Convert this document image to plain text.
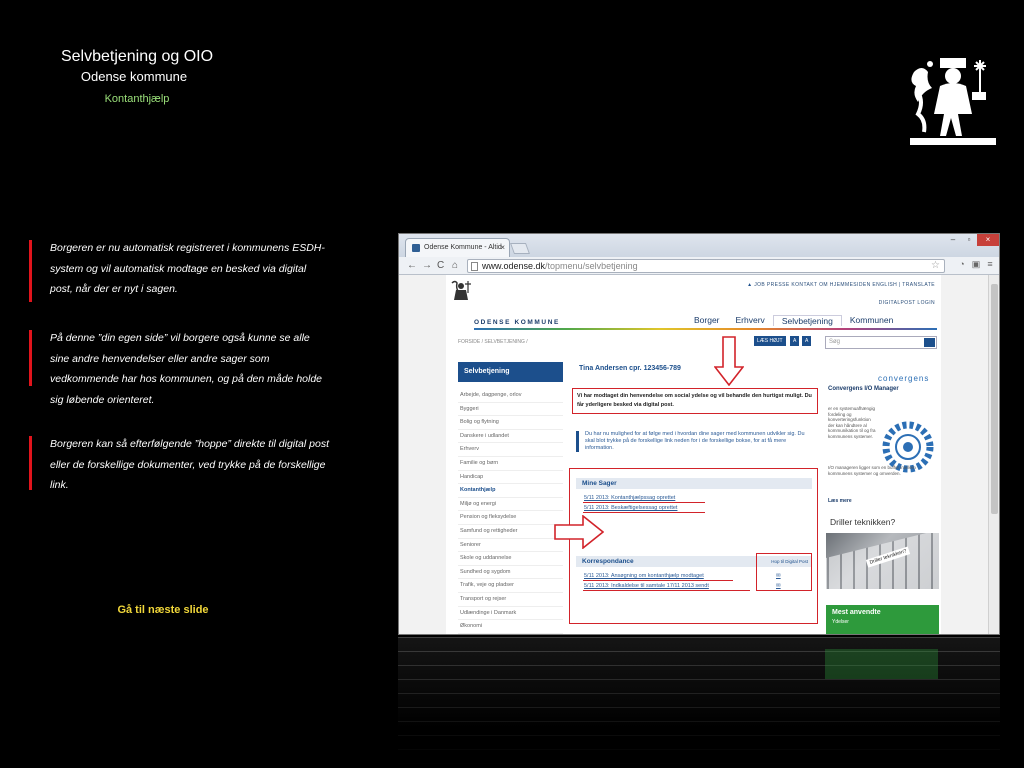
Selvbetjening og OIO
Odense kommune
Kontanthjælp

Borgeren er nu automatisk registreret i kommunens ESDH-system og vil automatisk modtage en besked via digital post, når der er nyt i sagen.

På denne ”din egen side” vil borgere også kunne se alle sine andre henvendelser eller andre sager som vedkommende har hos kommunen, og på den måde holde sig løbende orienteret.

Borgeren kan så efterfølgende ”hoppe” direkte til digital post eller de forskellige dokumenter, ved trykke på de forskellige link.

Gå til næste slide
Odense Kommune - Altid
×
–	▫	×
← → C ⌂	www.odense.dk/topmenu/selvbetjening	☆ ◔ ▣ ≡
▲ JOB PRESSE KONTAKT OM HJEMMESIDEN ENGLISH | TRANSLATE
DIGITALPOST LOGIN
ODENSE KOMMUNE	Borger	Erhverv	Selvbetjening	Kommunen
FORSIDE / SELVBETJENING /	LÆS HØJT	A	A	Søg
Selvbetjening
Arbejde, dagpenge, orlov
Byggeri
Bolig og flytning
Danskere i udlandet
Erhverv
Familie og børn
Handicap
Kontanthjælp
Miljø og energi
Pension og fleksydelse
Samfund og rettigheder
Seniorer
Skole og uddannelse
Sundhed og sygdom
Trafik, veje og pladser
Transport og rejser
Udlændinge i Danmark
Økonomi
Tina Andersen cpr. 123456-789
Vi har modtaget din henvendelse om social ydelse og vil behandle den hurtigst muligt. Du får yderligere besked via digital post.
Du har nu mulighed for at følge med i hvordan dine sager med kommunen udvikler sig. Du skal blot trykke på de forskellige link neden for i de forskellige bokse, for at få mere information.
Mine Sager
5/11 2013: Kontanthjælpssag oprettet
5/11 2013: Beskæftigelsessag oprettet
Korrespondance	Hop til Digital Post
5/11 2013: Ansøgning om kontanthjælp modtaget
5/11 2013: Indkaldelse til samtale 17/11 2013 sendt
✉
✉
Convergens I/O Manager
convergens
er en systemuafhængig fordeling og konverteringsfunktion der kan håndtere al kommunikation til og fra kommunens systemer.
I/O manageren ligger som en buffer imellem kommunens systemer og omverden.
Læs mere
Driller teknikken?
Driller teknikken?
Mest anvendte
Ydelser
